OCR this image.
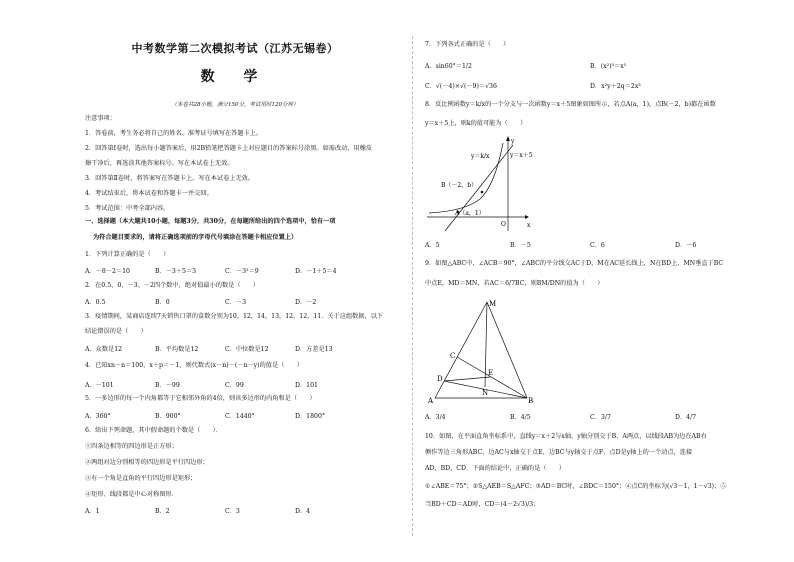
中考数学第二次模拟考试（江苏无锡卷）
数 学
（本卷共28小题，满分150分，考试用时120分钟）
注意事项：
1．答卷前，考生务必将自己的姓名、准考证号填写在答题卡上。
2．回答第Ⅰ卷时，选出每小题答案后，用2B铅笔把答题卡上对应题目的答案标号涂黑。如需改动，用橡皮
擦干净后，再选涂其他答案标号。写在本试卷上无效。
3．回答第Ⅱ卷时，将答案写在答题卡上。写在本试卷上无效。
4．考试结束后，将本试卷和答题卡一并交回。
5．考试范围：中考全部内容。
一、选择题（本大题共10小题，每题3分，共30分，在每题所给出的四个选项中，恰有一项
为符合题目要求的，请将正确选项前的字母代号填涂在答题卡相应位置上）
1．下列计算正确的是（　　）
A．－8－2＝10	B．－3＋5＝3	C．－3²＝9	D．－1＋5＝4
2．在0.5、0、－3、－2四个数中，绝对值最小的数是（　　）
A．0.5	B．0	C．－3	D．－2
3．疫情期间，某商店连续7天销售口罩的盒数分别为10，12，14，13，12，12，11．关于这组数据，以下
结论错误的是（　　）
A．众数是12	B．平均数是12	C．中位数是12	D．方差是13
4．已知xn－n＝100，x＋p＝－1，则代数式(x－n)－(－n－y)的值是（　　）
A．－101	B．－99	C．99	D．101
5．一多边形的每一个内角都等于它相邻外角的4倍，则该多边形的内角和是（　　）
A．360°	B．900°	C．1440°	D．1800°
6．给出下列命题，其中假命题的个数是（　　）．
①四条边相等的四边形是正方形；
②两组对边分别相等的四边形是平行四边形；
③有一个角是直角的平行四边形是矩形；
④矩形、线段都是中心对称图形．
A．1	B．2	C．3	D．4
7．下列各式正确的是（　　）
A．sin60°＝1/2	B．(x²)³＝x⁵
C．√(－4)×√(－9)＝√36	D．x²y＋2q＝2x³
8．反比例函数y＝k/x的一个分支与一次函数y＝x＋5图象如图所示，若点A(a，1)，点B(－2，b)都在函数
y＝x＋5上，则k的值可能为（　　）
y＝k/x	y＝x＋5
B（－2，b）
A（a，1）
x
y
O
A．5	B．－5	C．6	D．－6
9．如图△ABC中，∠ACB＝90°，∠ABC的平分线交AC于D，M在AC延长线上，N在BD上，MN垂直于BC
中点E，MD＝MN，若AC＝6/7BC，则BM/DN的值为（　　）
M
C
D
E
N
A	B
A．3/4	B．4/5	C．3/7	D．4/7
10．如图，在平面直角坐标系中，直线y＝x＋2与x轴，y轴分别交于B、A两点，以线段AB为边在AB右
侧作等边三角形ABC，边AC与x轴交于点E，边BC与y轴交于点F，点D是y轴上的一个动点，连接
AD，BD，CD．下面的结论中，正确的是（　　）
①∠ABE＝75°；②S△AEB＝S△AFC；③AD＝BC时，∠BDC＝150°；④点C的坐标为(√3－1，1－√3)；⑤
当BD＋CD＝AD时，CD＝(4－2√3)/3；
